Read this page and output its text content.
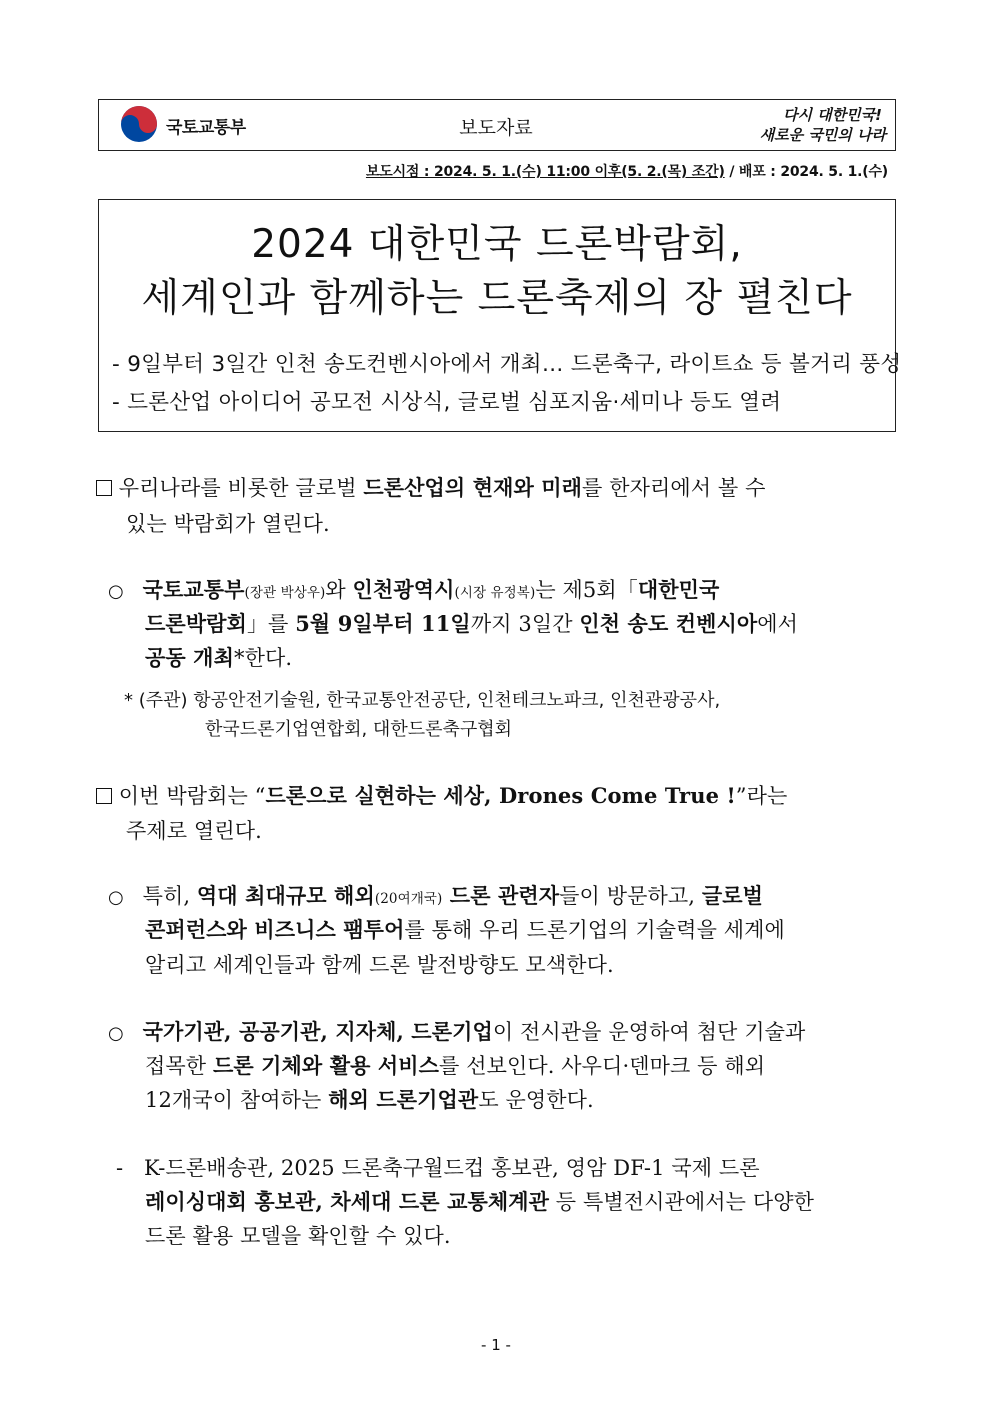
국토교통부	보도자료
다시 대한민국!
새로운 국민의 나라
보도시점 : 2024. 5. 1.(수) 11:00 이후(5. 2.(목) 조간) / 배포 : 2024. 5. 1.(수)
2024 대한민국 드론박람회,
세계인과 함께하는 드론축제의 장 펼친다
- 9일부터 3일간 인천 송도컨벤시아에서 개최… 드론축구, 라이트쇼 등 볼거리 풍성
- 드론산업 아이디어 공모전 시상식, 글로벌 심포지움·세미나 등도 열려
우리나라를 비롯한 글로벌 드론산업의 현재와 미래를 한자리에서 볼 수
있는 박람회가 열린다.
○ 국토교통부(장관 박상우)와 인천광역시(시장 유정복)는 제5회「대한민국
드론박람회」를 5월 9일부터 11일까지 3일간 인천 송도 컨벤시아에서
공동 개최*한다.
* (주관) 항공안전기술원, 한국교통안전공단, 인천테크노파크, 인천관광공사,
한국드론기업연합회, 대한드론축구협회
이번 박람회는 “드론으로 실현하는 세상, Drones Come True !”라는
주제로 열린다.
○ 특히, 역대 최대규모 해외(20여개국) 드론 관련자들이 방문하고, 글로벌
콘퍼런스와 비즈니스 팸투어를 통해 우리 드론기업의 기술력을 세계에
알리고 세계인들과 함께 드론 발전방향도 모색한다.
○ 국가기관, 공공기관, 지자체, 드론기업이 전시관을 운영하여 첨단 기술과
접목한 드론 기체와 활용 서비스를 선보인다. 사우디·덴마크 등 해외
12개국이 참여하는 해외 드론기업관도 운영한다.
- K-드론배송관, 2025 드론축구월드컵 홍보관, 영암 DF-1 국제 드론
레이싱대회 홍보관, 차세대 드론 교통체계관 등 특별전시관에서는 다양한
드론 활용 모델을 확인할 수 있다.
- 1 -
